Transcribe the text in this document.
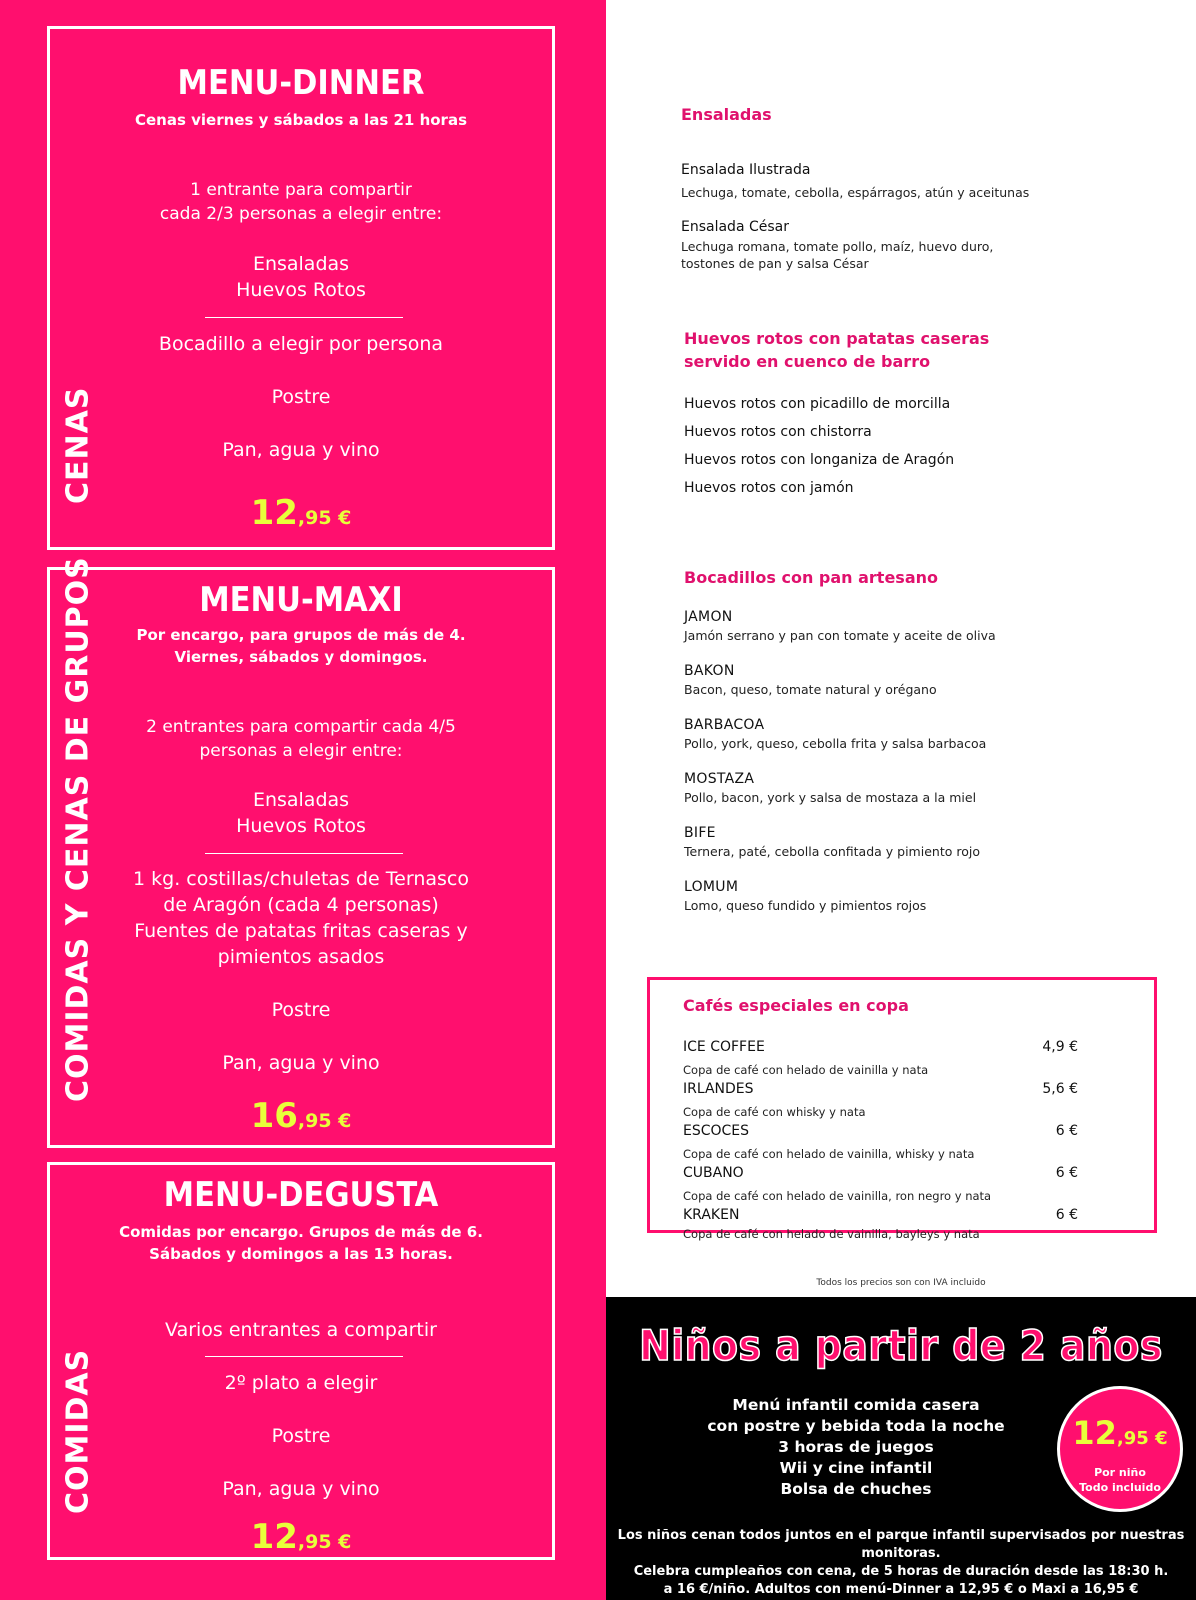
CENAS
MENU-DINNER
Cenas viernes y sábados a las 21 horas
1 entrante para compartir
cada 2/3 personas a elegir entre:
Ensaladas
Huevos Rotos
Bocadillo a elegir por persona
Postre
Pan, agua y vino
12,95 €
COMIDAS Y CENAS DE GRUPOS	MENU-MAXI
Por encargo, para grupos de más de 4.
Viernes, sábados y domingos.
2 entrantes para compartir cada 4/5
personas a elegir entre:
Ensaladas
Huevos Rotos
1 kg. costillas/chuletas de Ternasco
de Aragón (cada 4 personas)
Fuentes de patatas fritas caseras y
pimientos asados
Postre
Pan, agua y vino
16,95 €
COMIDAS
MENU-DEGUSTA
Comidas por encargo. Grupos de más de 6.
Sábados y domingos a las 13 horas.
Varios entrantes a compartir
2º plato a elegir
Postre
Pan, agua y vino
12,95 €
Ensaladas
Ensalada Ilustrada
Lechuga, tomate, cebolla, espárragos, atún y aceitunas
Ensalada César
Lechuga romana, tomate pollo, maíz, huevo duro,
tostones de pan y salsa César
Huevos rotos con patatas caseras
servido en cuenco de barro
Huevos rotos con picadillo de morcilla
Huevos rotos con chistorra
Huevos rotos con longaniza de Aragón
Huevos rotos con jamón
Bocadillos con pan artesano
JAMON
Jamón serrano y pan con tomate y aceite de oliva
BAKON
Bacon, queso, tomate natural y orégano
BARBACOA
Pollo, york, queso, cebolla frita y salsa barbacoa
MOSTAZA
Pollo, bacon, york y salsa de mostaza a la miel
BIFE
Ternera, paté, cebolla confitada y pimiento rojo
LOMUM
Lomo, queso fundido y pimientos rojos
Cafés especiales en copa
ICE COFFEE	4,9 €
Copa de café con helado de vainilla y nata
IRLANDES	5,6 €
Copa de café con whisky y nata
ESCOCES	6 €
Copa de café con helado de vainilla, whisky y nata
CUBANO	6 €
Copa de café con helado de vainilla, ron negro y nata
KRAKEN	6 €
Copa de café con helado de vainilla, bayleys y nata
Todos los precios son con IVA incluido
Niños a partir de 2 años
Menú infantil comida casera
con postre y bebida toda la noche
3 horas de juegos
Wii y cine infantil
Bolsa de chuches
12,95 €
Por niño
Todo incluido
Los niños cenan todos juntos en el parque infantil supervisados por nuestras monitoras.
Celebra cumpleaños con cena, de 5 horas de duración desde las 18:30 h.
a 16 €/niño. Adultos con menú-Dinner a 12,95 € o Maxi a 16,95 €
